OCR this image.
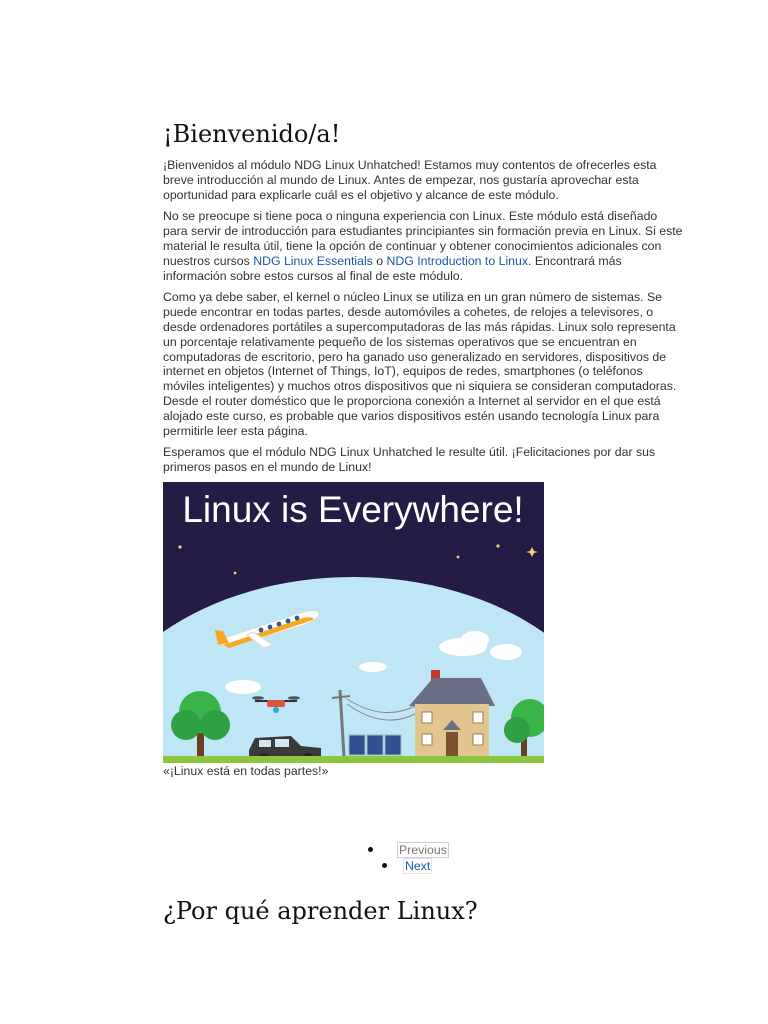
¡Bienvenido/a!

¡Bienvenidos al módulo NDG Linux Unhatched! Estamos muy contentos de ofrecerles esta breve introducción al mundo de Linux. Antes de empezar, nos gustaría aprovechar esta oportunidad para explicarle cuál es el objetivo y alcance de este módulo.

No se preocupe si tiene poca o ninguna experiencia con Linux. Este módulo está diseñado para servir de introducción para estudiantes principiantes sin formación previa en Linux. Si este material le resulta útil, tiene la opción de continuar y obtener conocimientos adicionales con nuestros cursos NDG Linux Essentials o NDG Introduction to Linux. Encontrará más información sobre estos cursos al final de este módulo.

Como ya debe saber, el kernel o núcleo Linux se utiliza en un gran número de sistemas. Se puede encontrar en todas partes, desde automóviles a cohetes, de relojes a televisores, o desde ordenadores portátiles a supercomputadoras de las más rápidas. Linux solo representa un porcentaje relativamente pequeño de los sistemas operativos que se encuentran en computadoras de escritorio, pero ha ganado uso generalizado en servidores, dispositivos de internet en objetos (Internet of Things, IoT), equipos de redes, smartphones (o teléfonos móviles inteligentes) y muchos otros dispositivos que ni siquiera se consideran computadoras. Desde el router doméstico que le proporciona conexión a Internet al servidor en el que está alojado este curso, es probable que varios dispositivos estén usando tecnología Linux para permitirle leer esta página.

Esperamos que el módulo NDG Linux Unhatched le resulte útil. ¡Felicitaciones por dar sus primeros pasos en el mundo de Linux!

Linux is Everywhere!
«¡Linux está en todas partes!»
Previous
Next
¿Por qué aprender Linux?
